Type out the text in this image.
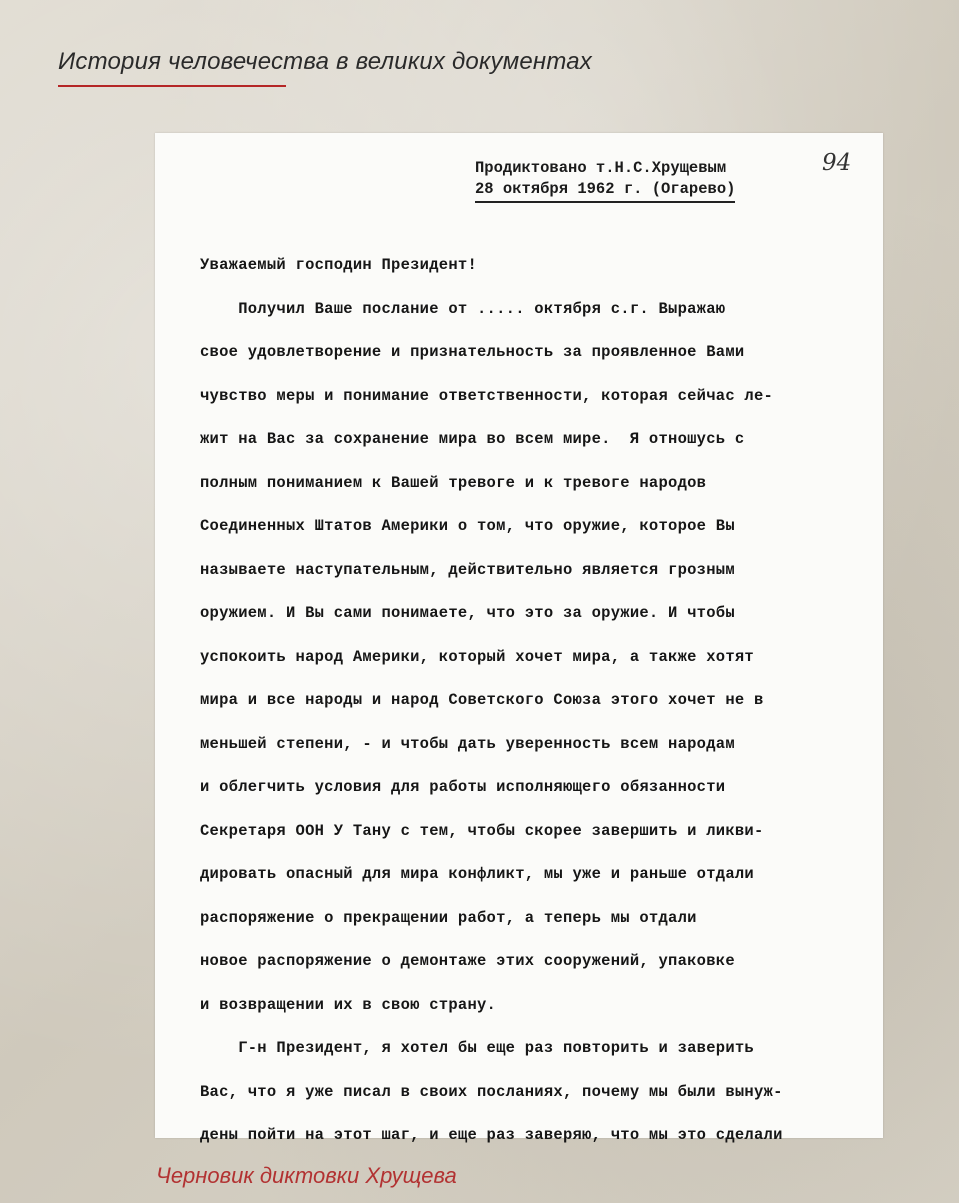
История человечества в великих документах
94
Продиктовано т.Н.С.Хрущевым
28 октября 1962 г. (Огарево)
Уважаемый господин Президент!
Получил Ваше послание от ..... октября с.г. Выражаю
свое удовлетворение и признательность за проявленное Вами
чувство меры и понимание ответственности, которая сейчас ле-
жит на Вас за сохранение мира во всем мире.  Я отношусь с
полным пониманием к Вашей тревоге и к тревоге народов
Соединенных Штатов Америки о том, что оружие, которое Вы
называете наступательным, действительно является грозным
оружием. И Вы сами понимаете, что это за оружие. И чтобы
успокоить народ Америки, который хочет мира, а также хотят
мира и все народы и народ Советского Союза этого хочет не в
меньшей степени, - и чтобы дать уверенность всем народам
и облегчить условия для работы исполняющего обязанности
Секретаря ООН У Тану с тем, чтобы скорее завершить и ликви-
дировать опасный для мира конфликт, мы уже и раньше отдали
распоряжение о прекращении работ, а теперь мы отдали
новое распоряжение о демонтаже этих сооружений, упаковке
и возвращении их в свою страну.
Г-н Президент, я хотел бы еще раз повторить и заверить
Вас, что я уже писал в своих посланиях, почему мы были вынуж-
дены пойти на этот шаг, и еще раз заверяю, что мы это сделали
Черновик диктовки Хрущева
